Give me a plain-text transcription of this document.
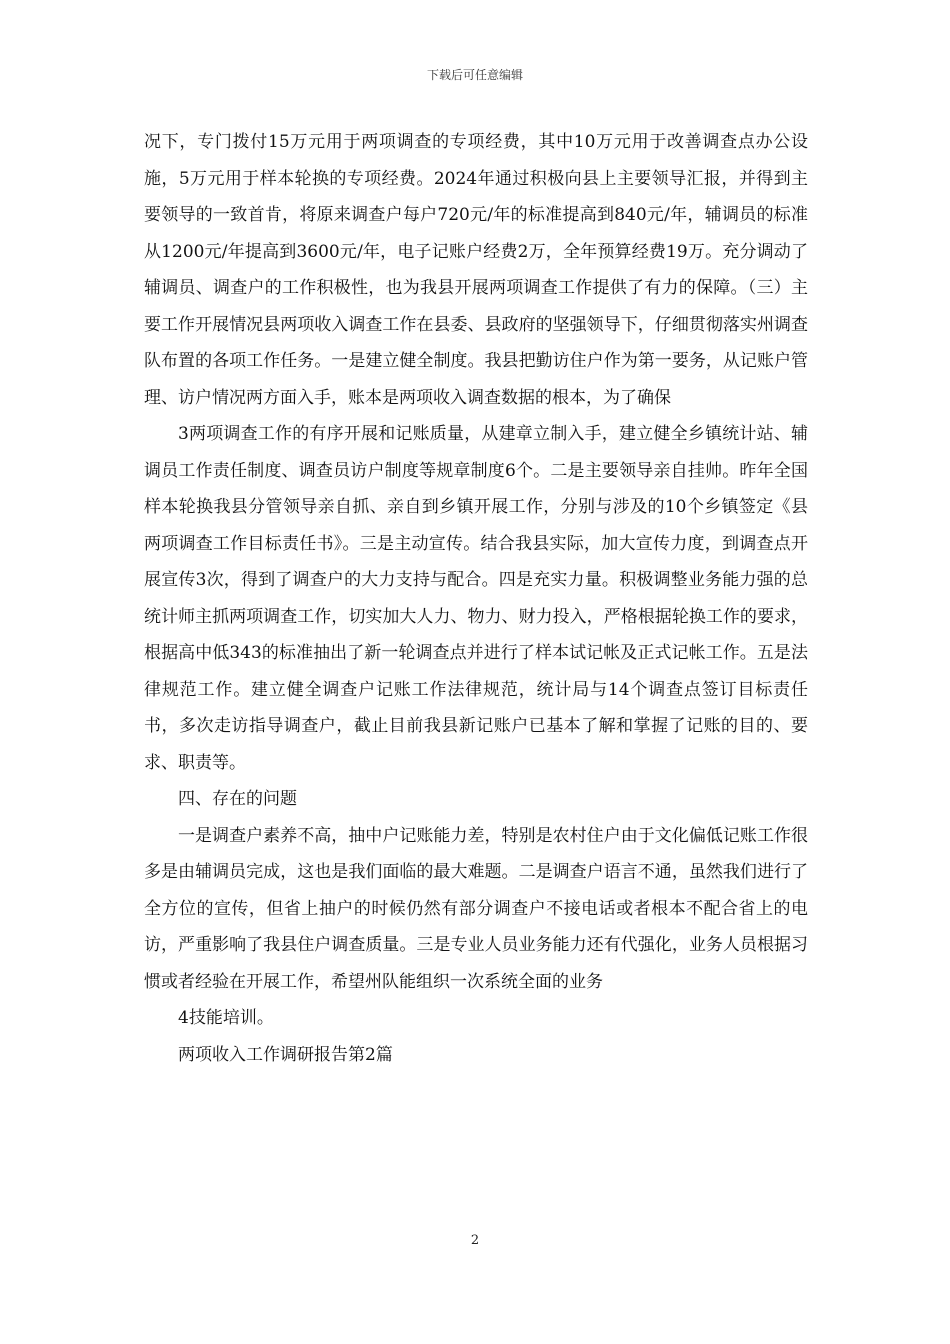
下载后可任意编辑

况下，专门拨付15万元用于两项调查的专项经费，其中10万元用于改善调查点办公设施，5万元用于样本轮换的专项经费。2024年通过积极向县上主要领导汇报，并得到主要领导的一致首肯，将原来调查户每户720元/年的标准提高到840元/年，辅调员的标准从1200元/年提高到3600元/年，电子记账户经费2万，全年预算经费19万。充分调动了辅调员、调查户的工作积极性，也为我县开展两项调查工作提供了有力的保障。（三）主要工作开展情况县两项收入调查工作在县委、县政府的坚强领导下，仔细贯彻落实州调查队布置的各项工作任务。一是建立健全制度。我县把勤访住户作为第一要务，从记账户管理、访户情况两方面入手，账本是两项收入调查数据的根本，为了确保

3两项调查工作的有序开展和记账质量，从建章立制入手，建立健全乡镇统计站、辅调员工作责任制度、调查员访户制度等规章制度6个。二是主要领导亲自挂帅。昨年全国样本轮换我县分管领导亲自抓、亲自到乡镇开展工作，分别与涉及的10个乡镇签定《县两项调查工作目标责任书》。三是主动宣传。结合我县实际，加大宣传力度，到调查点开展宣传3次，得到了调查户的大力支持与配合。四是充实力量。积极调整业务能力强的总统计师主抓两项调查工作，切实加大人力、物力、财力投入，严格根据轮换工作的要求，根据高中低343的标准抽出了新一轮调查点并进行了样本试记帐及正式记帐工作。五是法律规范工作。建立健全调查户记账工作法律规范，统计局与14个调查点签订目标责任书，多次走访指导调查户，截止目前我县新记账户已基本了解和掌握了记账的目的、要求、职责等。

四、存在的问题

一是调查户素养不高，抽中户记账能力差，特别是农村住户由于文化偏低记账工作很多是由辅调员完成，这也是我们面临的最大难题。二是调查户语言不通，虽然我们进行了全方位的宣传，但省上抽户的时候仍然有部分调查户不接电话或者根本不配合省上的电访，严重影响了我县住户调查质量。三是专业人员业务能力还有代强化，业务人员根据习惯或者经验在开展工作，希望州队能组织一次系统全面的业务

4技能培训。

两项收入工作调研报告第2篇

2
